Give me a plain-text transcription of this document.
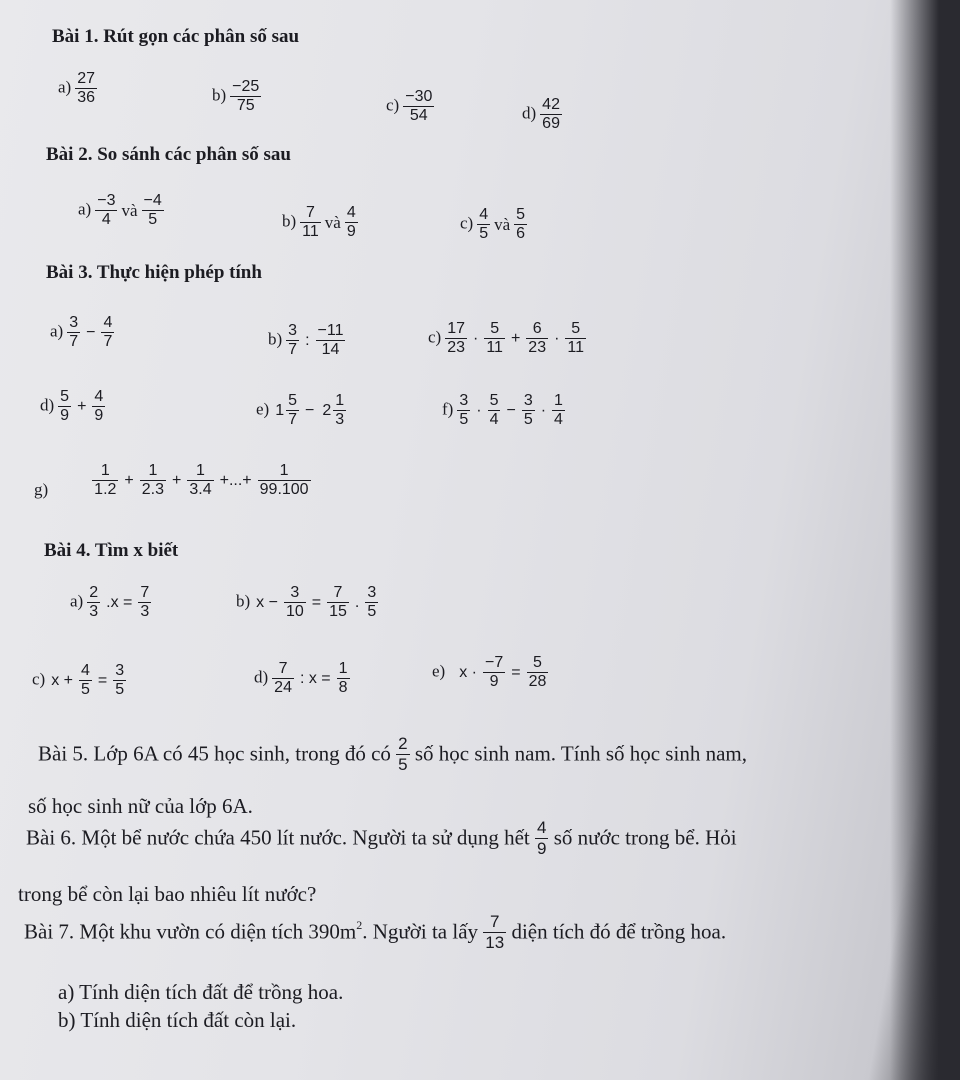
Bài 1. Rút gọn các phân số sau
$a) \frac{27}{36}$	$b) \frac{-25}{75}$	$c) \frac{-30}{54}$	$d) \frac{42}{69}$
Bài 2. So sánh các phân số sau
$a) \frac{-3}{4}$ và $\frac{-4}{5}$	$b) \frac{7}{11}$ và $\frac{4}{9}$	$c) \frac{4}{5}$ và $\frac{5}{6}$
Bài 3. Thực hiện phép tính
$a) \frac{3}{7} - \frac{4}{7}$	$b) \frac{3}{7}$ : $\frac{-11}{14}$	$c) \frac{17}{23} \cdot \frac{5}{11} + \frac{6}{23} \cdot \frac{5}{11}$
$d) \frac{5}{9} + \frac{4}{9}$	e) $1 \frac{5}{7} - 2 \frac{1}{3}$	$f) \frac{3}{5} \cdot \frac{5}{4} - \frac{3}{5} \cdot \frac{1}{4}$
g)	$\frac{1}{1.2} + \frac{1}{2.3} + \frac{1}{3.4}$ +...+ $\frac{1}{99.100}$
Bài 4. Tìm x biết
$a) \frac{2}{3} .x = \frac{7}{3}$	b) $x - \frac{3}{10} = \frac{7}{15}$ . $\frac{3}{5}$
c) $x + \frac{4}{5} = \frac{3}{5}$	$d) \frac{7}{24}$ : $x = \frac{1}{8}$	e) $x \cdot \frac{-7}{9} = \frac{5}{28}$
Bài 5. Lớp 6A có 45 học sinh, trong đó có $\frac{2}{5}$ số học sinh nam. Tính số học sinh nam,
số học sinh nữ của lớp 6A.
Bài 6. Một bể nước chứa 450 lít nước. Người ta sử dụng hết $\frac{4}{9}$ số nước trong bể. Hỏi
trong bể còn lại bao nhiêu lít nước?
Bài 7. Một khu vườn có diện tích $390m^2$. Người ta lấy $\frac{7}{13}$ diện tích đó để trồng hoa.
a) Tính diện tích đất để trồng hoa.
b) Tính diện tích đất còn lại.
